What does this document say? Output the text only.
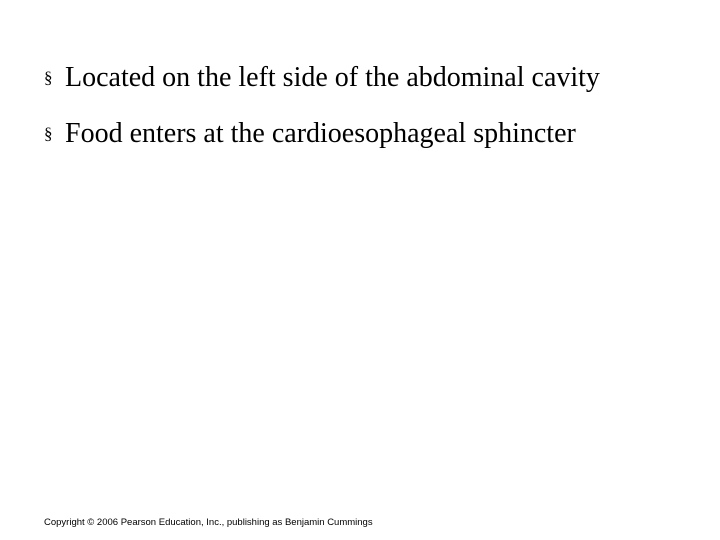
§ Located on the left side of the abdominal cavity
§ Food enters at the cardioesophageal sphincter
Copyright © 2006 Pearson Education, Inc., publishing as Benjamin Cummings
